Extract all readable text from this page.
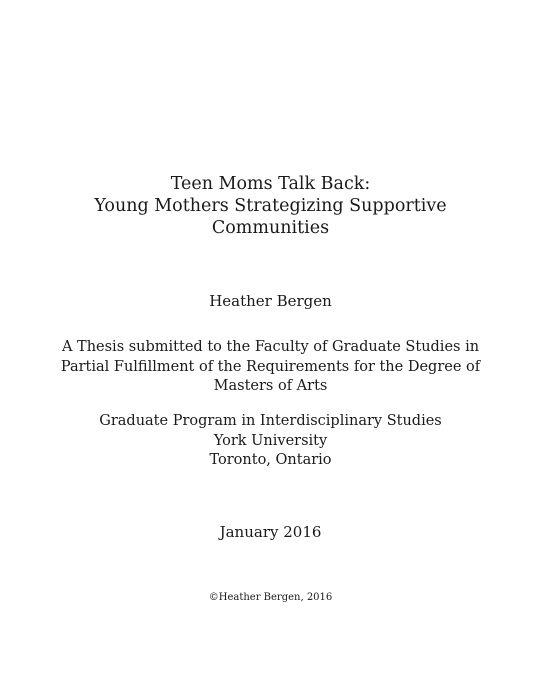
Teen Moms Talk Back:
Young Mothers Strategizing Supportive
Communities
Heather Bergen
A Thesis submitted to the Faculty of Graduate Studies in
Partial Fulfillment of the Requirements for the Degree of
Masters of Arts
Graduate Program in Interdisciplinary Studies
York University
Toronto, Ontario
January 2016
©Heather Bergen, 2016
